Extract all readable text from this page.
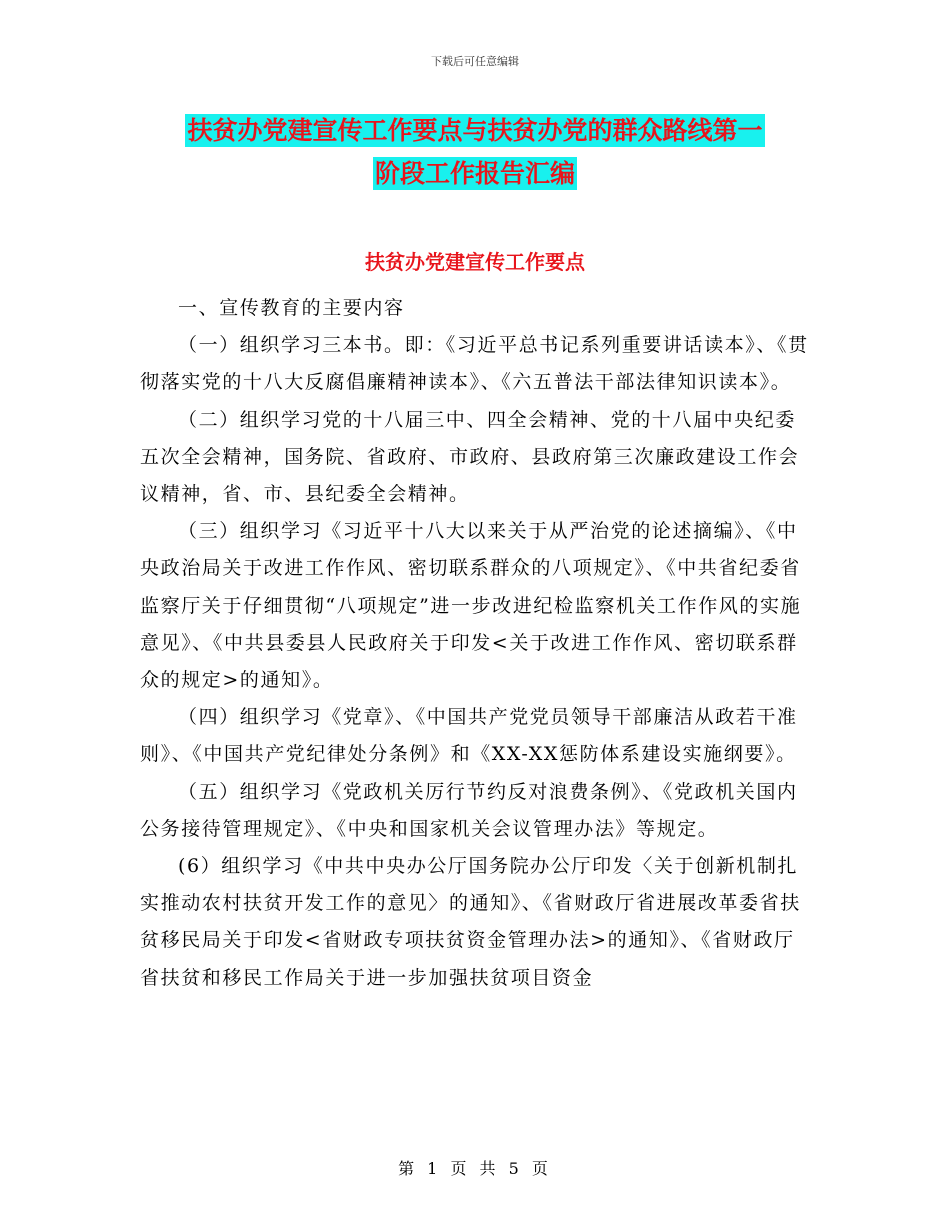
下载后可任意编辑
扶贫办党建宣传工作要点与扶贫办党的群众路线第一
阶段工作报告汇编
扶贫办党建宣传工作要点

一、宣传教育的主要内容

（一）组织学习三本书。即：《习近平总书记系列重要讲话读本》、《贯彻落实党的十八大反腐倡廉精神读本》、《六五普法干部法律知识读本》。

（二）组织学习党的十八届三中、四全会精神、党的十八届中央纪委五次全会精神，国务院、省政府、市政府、县政府第三次廉政建设工作会议精神，省、市、县纪委全会精神。

（三）组织学习《习近平十八大以来关于从严治党的论述摘编》、《中央政治局关于改进工作作风、密切联系群众的八项规定》、《中共省纪委省监察厅关于仔细贯彻“八项规定”进一步改进纪检监察机关工作作风的实施意见》、《中共县委县人民政府关于印发<关于改进工作作风、密切联系群众的规定>的通知》。

（四）组织学习《党章》、《中国共产党党员领导干部廉洁从政若干准则》、《中国共产党纪律处分条例》和《XX-XX惩防体系建设实施纲要》。

（五）组织学习《党政机关厉行节约反对浪费条例》、《党政机关国内公务接待管理规定》、《中央和国家机关会议管理办法》等规定。

(6）组织学习《中共中央办公厅国务院办公厅印发〈关于创新机制扎实推动农村扶贫开发工作的意见〉的通知》、《省财政厅省进展改革委省扶贫移民局关于印发<省财政专项扶贫资金管理办法>的通知》、《省财政厅省扶贫和移民工作局关于进一步加强扶贫项目资金

第 1 页 共 5 页
